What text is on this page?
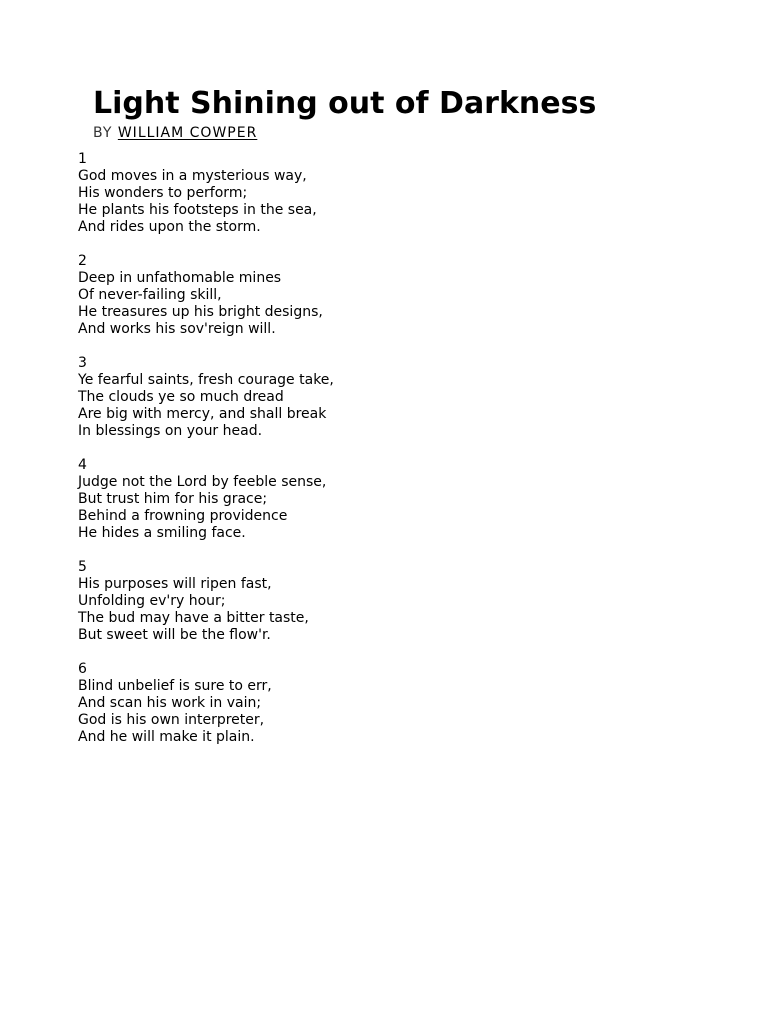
Light Shining out of Darkness
BY WILLIAM COWPER
1
God moves in a mysterious way,
His wonders to perform;
He plants his footsteps in the sea,
And rides upon the storm.
2
Deep in unfathomable mines
Of never-failing skill,
He treasures up his bright designs,
And works his sov'reign will.
3
Ye fearful saints, fresh courage take,
The clouds ye so much dread
Are big with mercy, and shall break
In blessings on your head.
4
Judge not the Lord by feeble sense,
But trust him for his grace;
Behind a frowning providence
He hides a smiling face.
5
His purposes will ripen fast,
Unfolding ev'ry hour;
The bud may have a bitter taste,
But sweet will be the flow'r.
6
Blind unbelief is sure to err,
And scan his work in vain;
God is his own interpreter,
And he will make it plain.
